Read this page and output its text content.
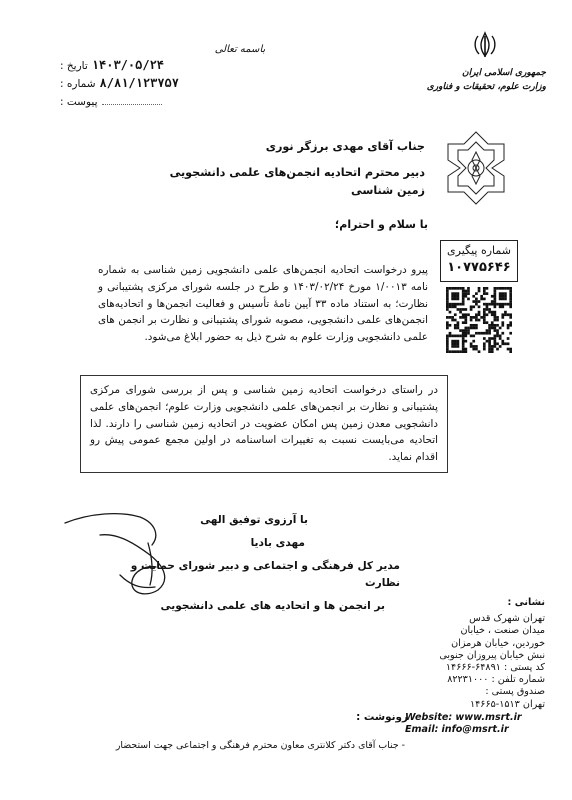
۱۴۰۳/۰۵/۲۴
تاریخ :
۸/۸۱/۱۲۳۷۵۷
شماره :
پیوست :
باسمه تعالی
جمهوری اسلامی ایران
وزارت علوم، تحقیقات و فناوری
جناب آقای مهدی برزگر نوری
دبیر محترم اتحادیه انجمن‌های علمی دانشجویی زمین شناسی
با سلام و احترام؛
شماره پیگیری
۱۰۷۷۵۶۴۶
پیرو درخواست اتحادیه انجمن‌های علمی دانشجویی زمین شناسی به شماره نامه ۱/۰۰۱۳ مورخ ۱۴۰۳/۰۲/۲۴ و طرح در جلسه شورای مرکزی پشتیبانی و نظارت؛ به استناد ماده ۳۳ آیین نامهٔ تأسیس و فعالیت انجمن‌ها و اتحادیه‌های انجمن‌های علمی دانشجویی، مصوبه شورای پشتیبانی و نظارت بر انجمن های علمی دانشجویی وزارت علوم به شرح ذیل به حضور ابلاغ می‌شود.
در راستای درخواست اتحادیه زمین شناسی و پس از بررسی شورای مرکزی پشتیبانی و نظارت بر انجمن‌های علمی دانشجویی وزارت علوم؛ انجمن‌های علمی دانشجویی معدن زمین پس امکان عضویت در اتحادیه زمین شناسی را دارند. لذا اتحادیه می‌بایست نسبت به تغییرات اساسنامه در اولین مجمع عمومی پیش رو اقدام نماید.
با آرزوی توفیق الهی
مهدی بادیا
مدیر کل فرهنگی و اجتماعی و دبیر شورای حمایت و نظارت
بر انجمن ها و اتحادیه های علمی دانشجویی	نشانی :
تهران شهرک قدس
میدان صنعت ، خیابان
خوردین، خیابان هرمزان
نبش خیابان پیروزان جنوبی
کد پستی : ۶۴۸۹۱-۱۴۶۶۶
شماره تلفن : ۸۲۲۳۱۰۰۰
صندوق پستی :
تهران ۱۵۱۳-۱۴۶۶۵
Website: www.msrt.ir
Email: info@msrt.ir
رونوشت :
- جناب آقای دکتر کلانتری معاون محترم فرهنگی و اجتماعی جهت استحضار
